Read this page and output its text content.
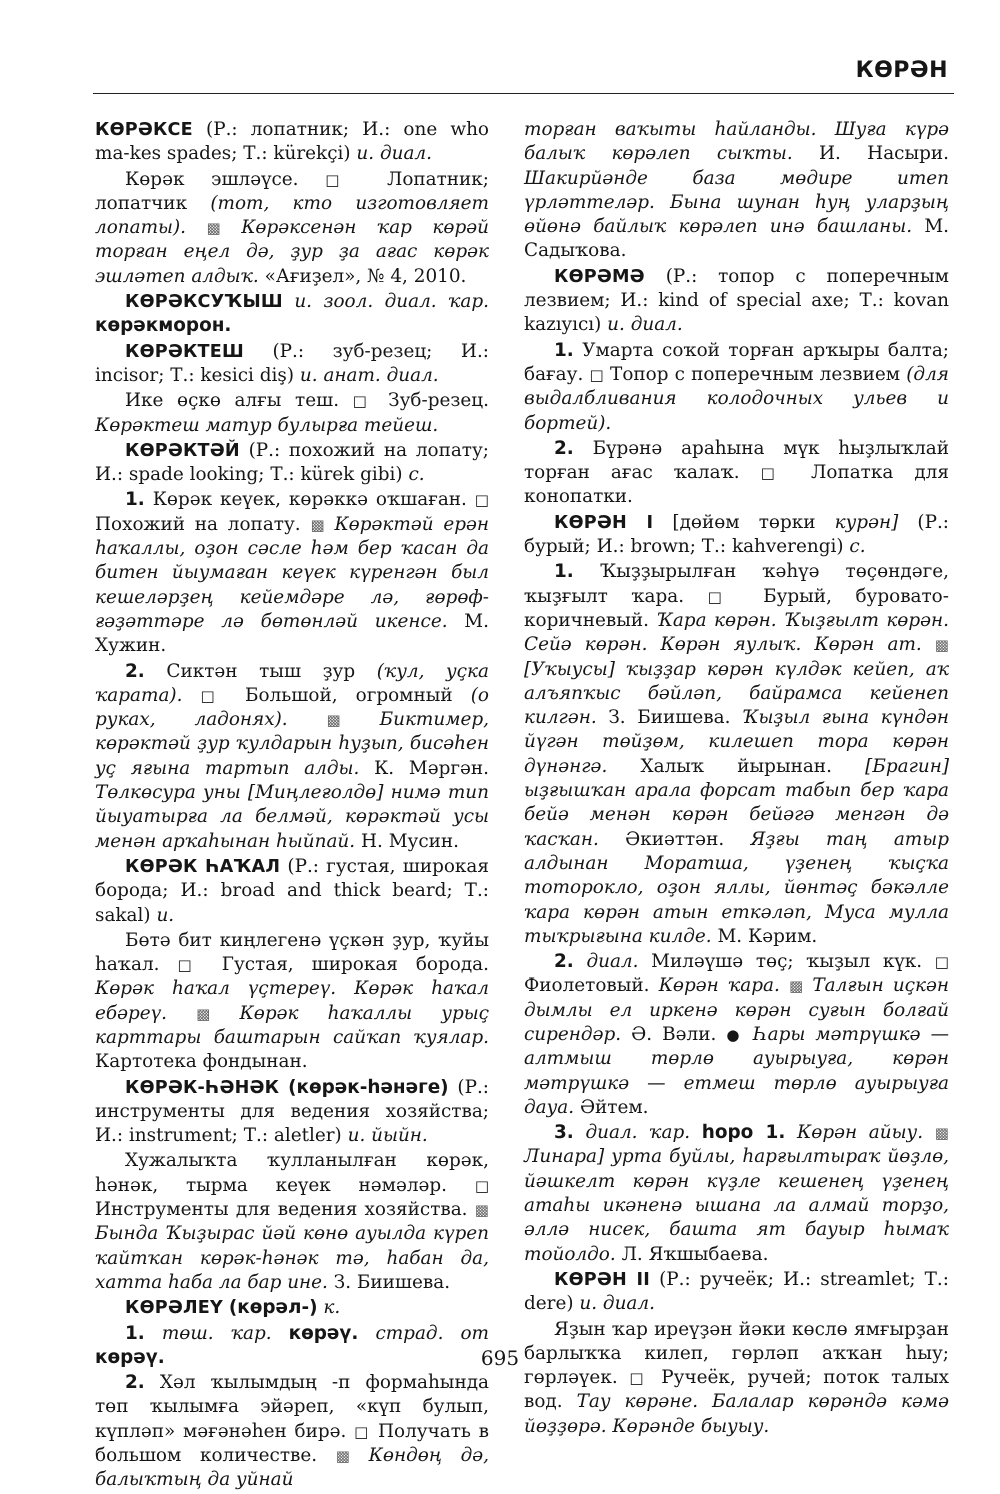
КӨРӘН

КӨРӘКСЕ (Р.: лопатник; И.: one who ma-kes spades; Т.: kürekçi) и. диал.

Көрәк эшләүсе. □ Лопатник; лопатчик (тот, кто изготовляет лопаты). ▩ Көрәксенән ҡар көрәй торған еңел дә, ҙур ҙа ағас көрәк эшләтеп алдыҡ. «Ағиҙел», № 4, 2010.

КӨРӘКСУҠЫШ и. зоол. диал. ҡар. көрәкморон.

КӨРӘКТЕШ (Р.: зуб-резец; И.: incisor; Т.: kesici diş) и. анат. диал.

Ике өҫкө алғы теш. □ Зуб-резец. Көрәктеш матур булырға тейеш.

КӨРӘКТӘЙ (Р.: похожий на лопату; И.: spade looking; Т.: kürek gibi) с.

1. Көрәк кеүек, көрәккә оҡшаған. □ Похожий на лопату. ▩ Көрәктәй ерән һаҡаллы, оҙон сәсле һәм бер ҡасан да битен йыумаған кеүек күренгән был кешеләрҙең кейемдәре лә, ғөрөф-ғәҙәттәре лә бөтөнләй икенсе. М. Хужин.

2. Сиктән тыш ҙур (ҡул, уҫка ҡарата). □ Большой, огромный (о руках, ладонях).	▩ Биктимер, көрәктәй ҙур ҡулдарын һуҙып, бисәһен уҫ яғына тартып алды. К. Мәргән. Төлкөсура уны [Миңлеғолдө] нимә тип йыуатырға ла белмәй, көрәктәй усы менән арҡаһынан һыйпай. Н. Мусин.

КӨРӘК ҺАҠАЛ (Р.: густая, широкая борода; И.: broad and thick beard; Т.: sakal) и.

Бөтә бит киңлегенә үҫкән ҙур, ҡуйы һаҡал. □ Густая, широкая борода. Көрәк һаҡал үҫтереү. Көрәк һаҡал ебәреү. ▩ Көрәк һаҡаллы урыҫ карттары баштарын сайҡап ҡуялар. Картотека фондынан.

КӨРӘК-ҺӘНӘК (көрәк-һәнәге) (Р.: инструменты для ведения хозяйства; И.: instrument; Т.: aletler) и. йыйн.

Хужалыҡта ҡулланылған көрәк, һәнәк, тырма кеүек нәмәләр. □ Инструменты для ведения хозяйства. ▩ Бында Ҡыҙырас йәй көнө ауылда күреп ҡайтҡан көрәк-һәнәк тә, һабан да, хатта һаба ла бар ине. З. Биишева.

КӨРӘЛЕҮ (көрәл-) к.

1. төш. ҡар. көрәү. страд. от көрәү.

2. Хәл ҡылымдың -п формаһында төп ҡылымға эйәреп, «күп булып, күпләп» мәғәнәһен бирә. □ Получать в большом количестве. ▩ Көндөң дә, балыҡтың да уйнай

торған ваҡыты һайланды. Шуға күрә балыҡ көрәлеп сыҡты. И. Насыри. Шакирйәнде база мөдире итеп үрләттеләр. Бына шунан һуң уларҙың өйөнә байлыҡ көрәлеп инә башланы. М. Садыҡова.

КӨРӘМӘ (Р.: топор с поперечным лезвием; И.: kind of special axe; Т.: kovan kazıyıcı) и. диал.

1. Умарта соҡой торған арҡыры балта; бағау. □ Топор с поперечным лезвием (для выдалбливания колодочных ульев и бортей).

2. Бүрәнә араһына мүк һыҙлыҡлай торған ағас ҡалаҡ. □ Лопатка для конопатки.

КӨРӘН I [дөйөм төрки курән] (Р.: бурый; И.: brown; Т.: kahverengi) с.

1. Ҡыҙҙырылған ҡәһүә төҫөндәге, ҡыҙғылт ҡара. □ Бурый, буровато-коричневый. Ҡара көрән. Ҡыҙғылт көрән. Сейә көрән. Көрән яулыҡ. Көрән ат. ▩ [Уҡыусы] ҡыҙҙар көрән күлдәк кейеп, аҡ алъяпҡыс бәйләп, байрамса кейенеп килгән. З. Биишева. Ҡыҙыл ғына күндән йүгән төйҙөм, килешеп тора көрән дүнәнгә. Халыҡ йырынан. [Брагин] ыҙғышҡан арала форсат табып бер ҡара бейә менән көрән бейәгә менгән дә ҡасҡан. Әкиәттән. Яҙғы таң атыр алдынан Моратша, үҙенең ҡыҫҡа тоторокло, оҙон яллы, йөнтәҫ бәкәлле ҡара көрән атын еткәләп, Муса мулла тыҡрығына килде. М. Кәрим.

2. диал. Миләүшә төҫ; ҡыҙыл күк. □ Фиолетовый. Көрән ҡара. ▩ Талғын иҫкән дымлы ел иркенә көрән суғын болғай сирендәр. Ә. Вәли. ● Һары мәтрүшкә — алтмыш төрлө ауырыуға, көрән мәтрүшкә — етмеш төрлө ауырыуға дауа. Әйтем.

3. диал. ҡар. һоро 1. Көрән айыу. ▩ Линара] урта буйлы, һарғылтыраҡ йөҙлө, йәшкелт көрән күҙле кешенең үҙенең атаһы икәненә ышана ла алмай торҙо, әллә нисек, башта ят бауыр һымаҡ тойолдо. Л. Яҡшыбаева.

КӨРӘН II (Р.: ручеёк; И.: streamlet; Т.: dere) и. диал.

Яҙын ҡар иреүҙән йәки көслө ямғырҙан барлыҡҡа килеп, гөрләп аҡҡан һыу; гөрләүек. □ Ручеёк, ручей; поток талых вод. Тау көрәне. Балалар көрәндә кәмә йөҙҙөрә. Көрәнде быуыу.

695
